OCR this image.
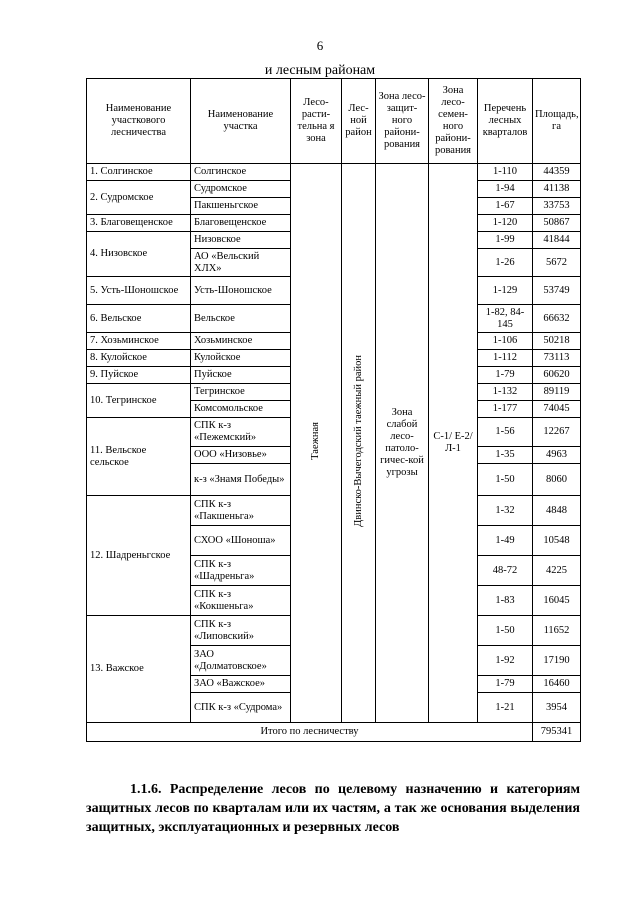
6
и лесным районам
Наименование участкового лесничества	Наименование участка	Лесо-расти-тельна я зона	Лесной район	Зона лесо-защит-ного райони-рования	Зона лесо-семен-ного райони-рования	Перечень лесных кварталов	Площадь, га
1. Солгинское	Солгинское	Таежная	Двинско-Вычегодский таежный район	Зона слабой лесо-патоло-гичес-кой угрозы	С-1/ Е-2/ Л-1	1-110	44359
2. Судромское	Судромское					1-94	41138
	Пакшеньгское					1-67	33753
3. Благовещенское	Благовещенское					1-120	50867
4. Низовское	Низовское					1-99	41844
	АО «Вельский ХЛХ»					1-26	5672
5. Усть-Шоношское	Усть-Шоношское					1-129	53749
6. Вельское	Вельское					1-82, 84-145	66632
7. Хозьминское	Хозьминское					1-106	50218
8. Кулойское	Кулойское					1-112	73113
9. Пуйское	Пуйское					1-79	60620
10. Тегринское	Тегринское					1-132	89119
	Комсомольское					1-177	74045
11. Вельское сельское	СПК к-з «Пежемский»					1-56	12267
	ООО «Низовье»					1-35	4963
	к-з «Знамя Победы»					1-50	8060
12. Шадреньгское	СПК к-з «Пакшеньга»					1-32	4848
	СХОО «Шоноша»					1-49	10548
	СПК к-з «Шадреньга»					48-72	4225
	СПК к-з «Кокшеньга»					1-83	16045
13. Важское	СПК к-з «Липовский»					1-50	11652
	ЗАО «Долматовское»					1-92	17190
	ЗАО «Важское»					1-79	16460
	СПК к-з «Судрома»					1-21	3954
Итого по лесничеству							795341
1.1.6. Распределение лесов по целевому назначению и категориям защитных лесов по кварталам или их частям, а так же основания выделения защитных, эксплуатационных и резервных лесов
